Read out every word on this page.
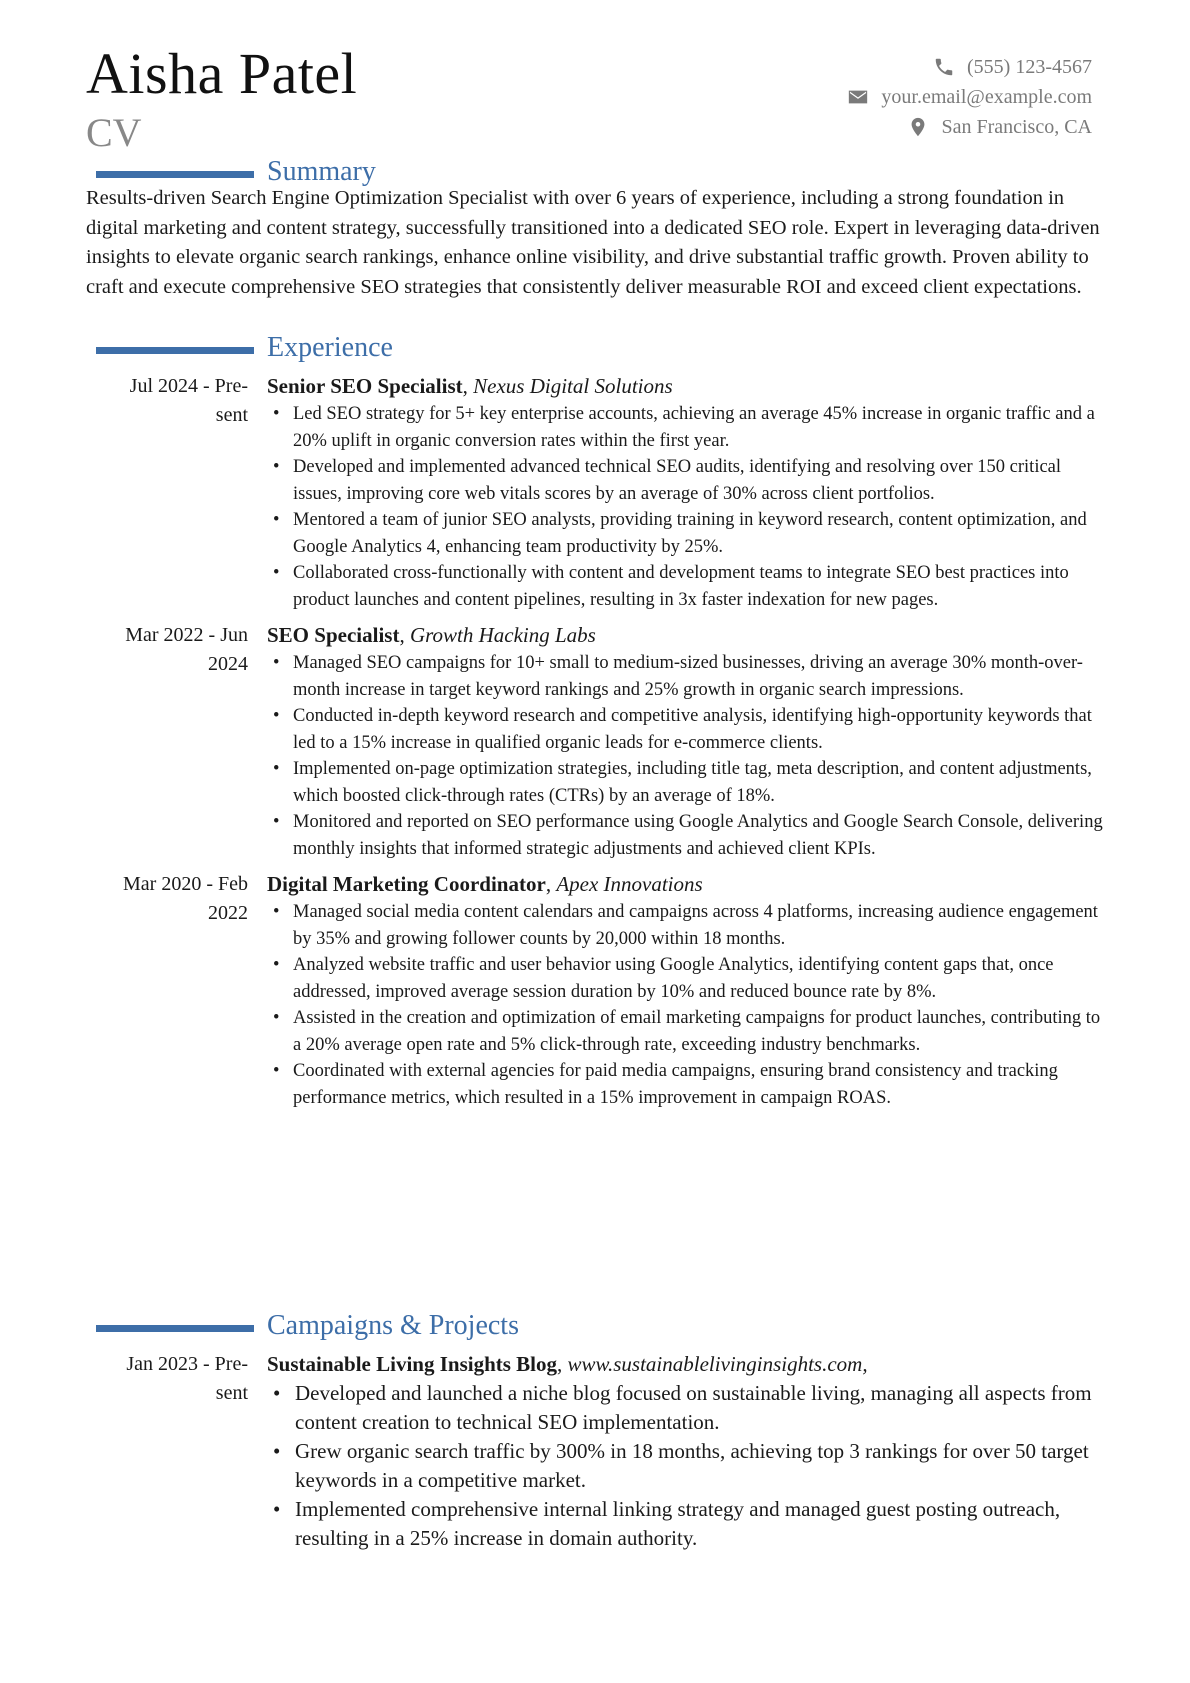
Aisha Patel
CV
(555) 123-4567
your.email@example.com
San Francisco, CA
Summary

Results-driven Search Engine Optimization Specialist with over 6 years of experience, including a strong foundation in digital marketing and content strategy, successfully transitioned into a dedicated SEO role. Expert in leveraging data-driven insights to elevate organic search rankings, enhance online visibility, and drive substantial traffic growth. Proven ability to craft and execute comprehensive SEO strategies that consistently deliver measurable ROI and exceed client expectations.

Experience
Jul 2024 - Pre-
sent
Senior SEO Specialist, Nexus Digital Solutions
• Led SEO strategy for 5+ key enterprise accounts, achieving an average 45% increase in organic traffic and a 20% uplift in organic conversion rates within the first year.
• Developed and implemented advanced technical SEO audits, identifying and resolving over 150 critical issues, improving core web vitals scores by an average of 30% across client portfolios.
• Mentored a team of junior SEO analysts, providing training in keyword research, content optimization, and Google Analytics 4, enhancing team productivity by 25%.
• Collaborated cross-functionally with content and development teams to integrate SEO best practices into product launches and content pipelines, resulting in 3x faster indexation for new pages.
Mar 2022 - Jun
2024
SEO Specialist, Growth Hacking Labs
• Managed SEO campaigns for 10+ small to medium-sized businesses, driving an average 30% month-over-month increase in target keyword rankings and 25% growth in organic search impressions.
• Conducted in-depth keyword research and competitive analysis, identifying high-opportunity keywords that led to a 15% increase in qualified organic leads for e-commerce clients.
• Implemented on-page optimization strategies, including title tag, meta description, and content adjustments, which boosted click-through rates (CTRs) by an average of 18%.
• Monitored and reported on SEO performance using Google Analytics and Google Search Console, delivering monthly insights that informed strategic adjustments and achieved client KPIs.
Mar 2020 - Feb
2022
Digital Marketing Coordinator, Apex Innovations
• Managed social media content calendars and campaigns across 4 platforms, increasing audience engagement by 35% and growing follower counts by 20,000 within 18 months.
• Analyzed website traffic and user behavior using Google Analytics, identifying content gaps that, once addressed, improved average session duration by 10% and reduced bounce rate by 8%.
• Assisted in the creation and optimization of email marketing campaigns for product launches, contributing to a 20% average open rate and 5% click-through rate, exceeding industry benchmarks.
• Coordinated with external agencies for paid media campaigns, ensuring brand consistency and tracking performance metrics, which resulted in a 15% improvement in campaign ROAS.
Campaigns & Projects
Jan 2023 - Pre-
sent
Sustainable Living Insights Blog, www.sustainablelivinginsights.com,
• Developed and launched a niche blog focused on sustainable living, managing all aspects from content creation to technical SEO implementation.
• Grew organic search traffic by 300% in 18 months, achieving top 3 rankings for over 50 target keywords in a competitive market.
• Implemented comprehensive internal linking strategy and managed guest posting outreach, resulting in a 25% increase in domain authority.
